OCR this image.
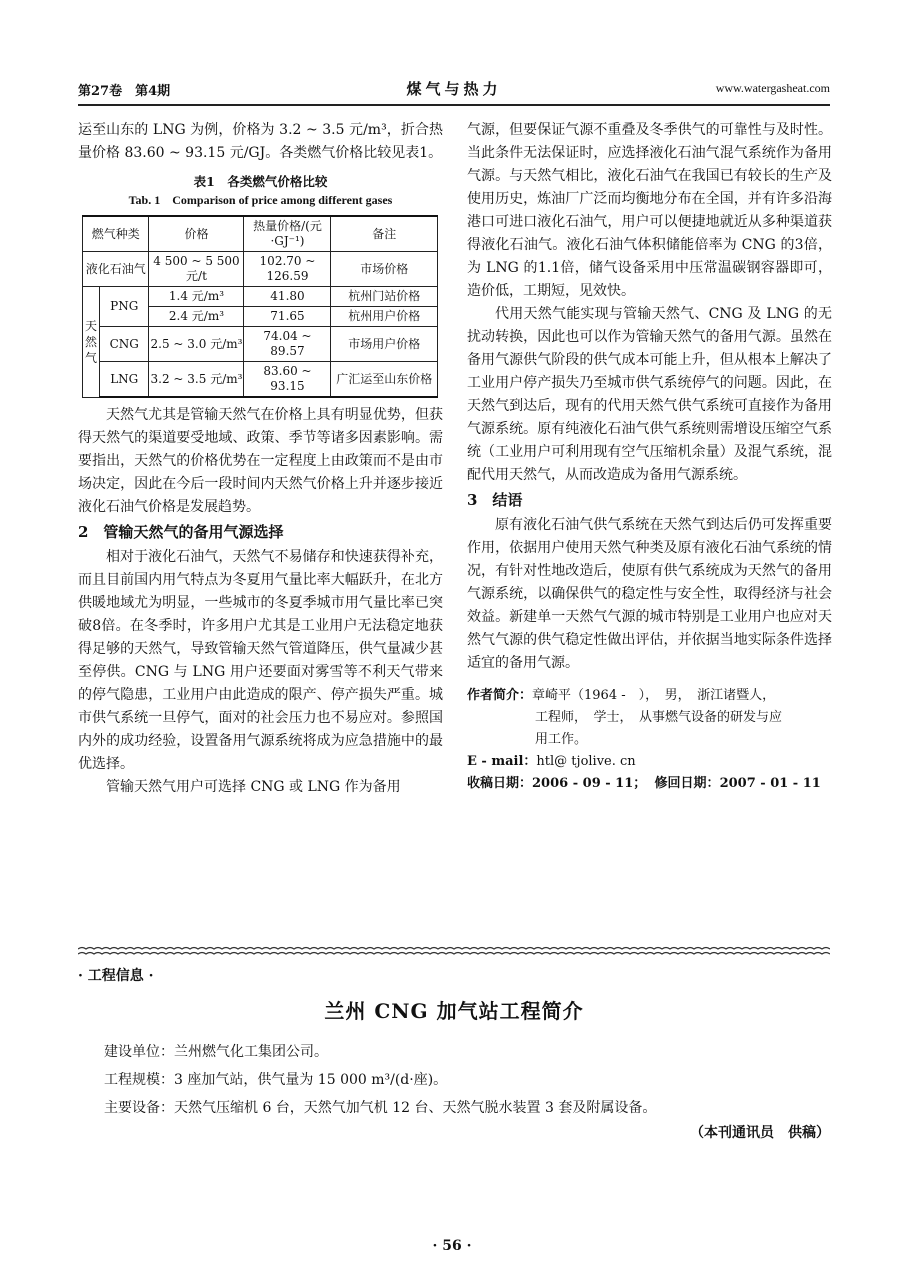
第27卷　第4期	煤气与热力	www.watergasheat.com

运至山东的 LNG 为例，价格为 3.2 ~ 3.5 元/m³，折合热量价格 83.60 ~ 93.15 元/GJ。各类燃气价格比较见表1。

表1　各类燃气价格比较
Tab. 1　Comparison of price among different gases
燃气种类		价格	热量价格/(元·GJ⁻¹)	备注
液化石油气		4 500 ~ 5 500 元/t	102.70 ~ 126.59	市场价格
天然气	PNG	1.4 元/m³	41.80	杭州门站价格
		2.4 元/m³	71.65	杭州用户价格
	CNG	2.5 ~ 3.0 元/m³	74.04 ~ 89.57	市场用户价格
	LNG	3.2 ~ 3.5 元/m³	83.60 ~ 93.15	广汇运至山东价格

天然气尤其是管输天然气在价格上具有明显优势，但获得天然气的渠道要受地域、政策、季节等诸多因素影响。需要指出，天然气的价格优势在一定程度上由政策而不是由市场决定，因此在今后一段时间内天然气价格上升并逐步接近液化石油气价格是发展趋势。

2　管输天然气的备用气源选择

相对于液化石油气，天然气不易储存和快速获得补充，而且目前国内用气特点为冬夏用气量比率大幅跃升，在北方供暖地域尤为明显，一些城市的冬夏季城市用气量比率已突破8倍。在冬季时，许多用户尤其是工业用户无法稳定地获得足够的天然气，导致管输天然气管道降压，供气量减少甚至停供。CNG 与 LNG 用户还要面对雾雪等不利天气带来的停气隐患，工业用户由此造成的限产、停产损失严重。城市供气系统一旦停气，面对的社会压力也不易应对。参照国内外的成功经验，设置备用气源系统将成为应急措施中的最优选择。

管输天然气用户可选择 CNG 或 LNG 作为备用

气源，但要保证气源不重叠及冬季供气的可靠性与及时性。当此条件无法保证时，应选择液化石油气混气系统作为备用气源。与天然气相比，液化石油气在我国已有较长的生产及使用历史，炼油厂广泛而均衡地分布在全国，并有许多沿海港口可进口液化石油气，用户可以便捷地就近从多种渠道获得液化石油气。液化石油气体积储能倍率为 CNG 的3倍，为 LNG 的1.1倍，储气设备采用中压常温碳钢容器即可，造价低，工期短，见效快。

代用天然气能实现与管输天然气、CNG 及 LNG 的无扰动转换，因此也可以作为管输天然气的备用气源。虽然在备用气源供气阶段的供气成本可能上升，但从根本上解决了工业用户停产损失乃至城市供气系统停气的问题。因此，在天然气到达后，现有的代用天然气供气系统可直接作为备用气源系统。原有纯液化石油气供气系统则需增设压缩空气系统（工业用户可利用现有空气压缩机余量）及混气系统，混配代用天然气，从而改造成为备用气源系统。

3　结语

原有液化石油气供气系统在天然气到达后仍可发挥重要作用，依据用户使用天然气种类及原有液化石油气系统的情况，有针对性地改造后，使原有供气系统成为天然气的备用气源系统，以确保供气的稳定性与安全性，取得经济与社会效益。新建单一天然气气源的城市特别是工业用户也应对天然气气源的供气稳定性做出评估，并依据当地实际条件选择适宜的备用气源。

作者简介：章崎平（1964 -　），　男，　浙江诸暨人，
工程师，　学士，　从事燃气设备的研发与应
用工作。
E - mail：htl@ tjolive. cn
收稿日期：2006 - 09 - 11； 修回日期：2007 - 01 - 11
· 工程信息 ·
兰州 CNG 加气站工程简介
建设单位：兰州燃气化工集团公司。
工程规模：3 座加气站，供气量为 15 000 m³/(d·座)。
主要设备：天然气压缩机 6 台，天然气加气机 12 台、天然气脱水装置 3 套及附属设备。
（本刊通讯员　供稿）
· 56 ·
